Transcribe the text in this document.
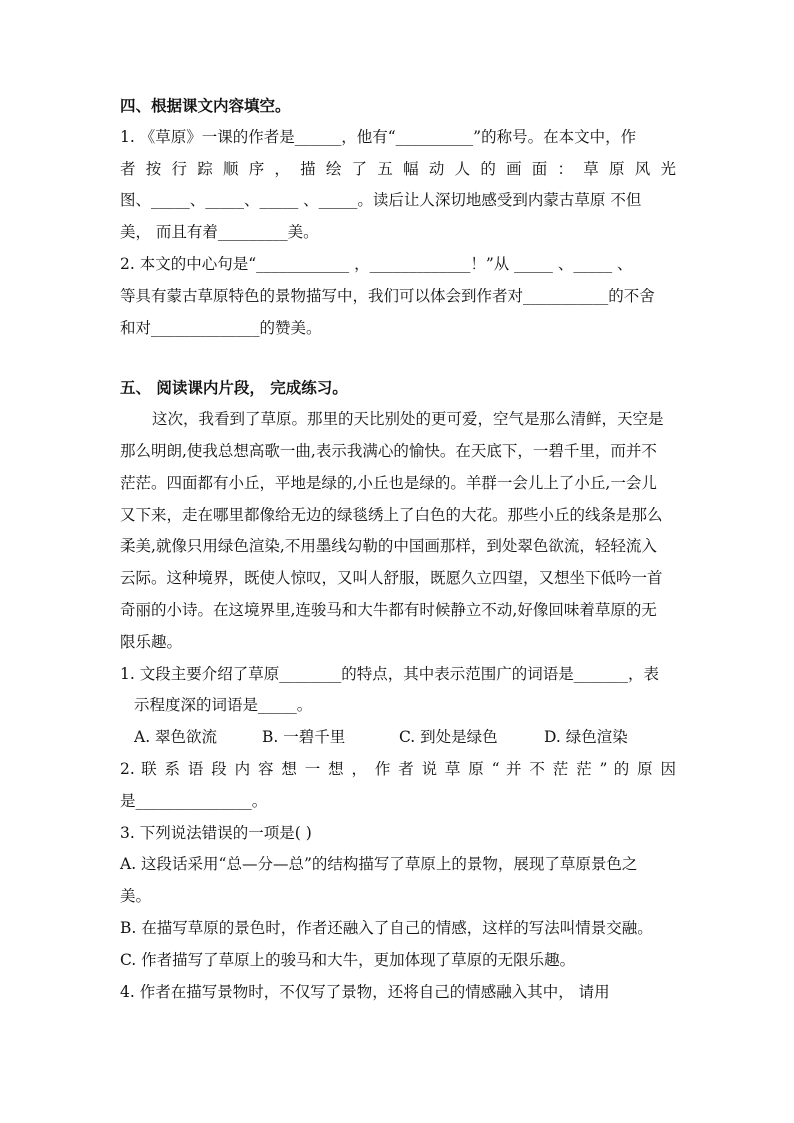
四、根据课文内容填空。
1. 《草原》一课的作者是______，他有“__________”的称号。在本文中，作
者 按 行 踪 顺 序 ， 描 绘 了 五 幅 动 人 的 画 面 ： 草 原 风 光
图、_____、_____、_____ 、_____。读后让人深切地感受到内蒙古草原 不但
美， 而且有着_________美。
2. 本文的中心句是“____________ ，_____________！”从 _____ 、_____ 、
等具有蒙古草原特色的景物描写中，我们可以体会到作者对___________的不舍
和对______________的赞美。
五、 阅读课内片段， 完成练习。
这次，我看到了草原。那里的天比别处的更可爱，空气是那么清鲜，天空是
那么明朗,使我总想高歌一曲,表示我满心的愉快。在天底下，一碧千里，而并不
茫茫。四面都有小丘，平地是绿的,小丘也是绿的。羊群一会儿上了小丘,一会儿
又下来，走在哪里都像给无边的绿毯绣上了白色的大花。那些小丘的线条是那么
柔美,就像只用绿色渲染,不用墨线勾勒的中国画那样，到处翠色欲流，轻轻流入
云际。这种境界，既使人惊叹，又叫人舒服，既愿久立四望，又想坐下低吟一首
奇丽的小诗。在这境界里,连骏马和大牛都有时候静立不动,好像回味着草原的无
限乐趣。
1. 文段主要介绍了草原________的特点，其中表示范围广的词语是_______，表
示程度深的词语是_____。
A. 翠色欲流	B. 一碧千里	C. 到处是绿色	D. 绿色渲染
2. 联 系 语 段 内 容 想 一 想 ， 作 者 说 草 原 “ 并 不 茫 茫 ” 的 原 因
是_______________。
3. 下列说法错误的一项是( )
A. 这段话采用“总—分—总”的结构描写了草原上的景物，展现了草原景色之
美。
B. 在描写草原的景色时，作者还融入了自己的情感，这样的写法叫情景交融。
C. 作者描写了草原上的骏马和大牛，更加体现了草原的无限乐趣。
4. 作者在描写景物时，不仅写了景物，还将自己的情感融入其中， 请用
